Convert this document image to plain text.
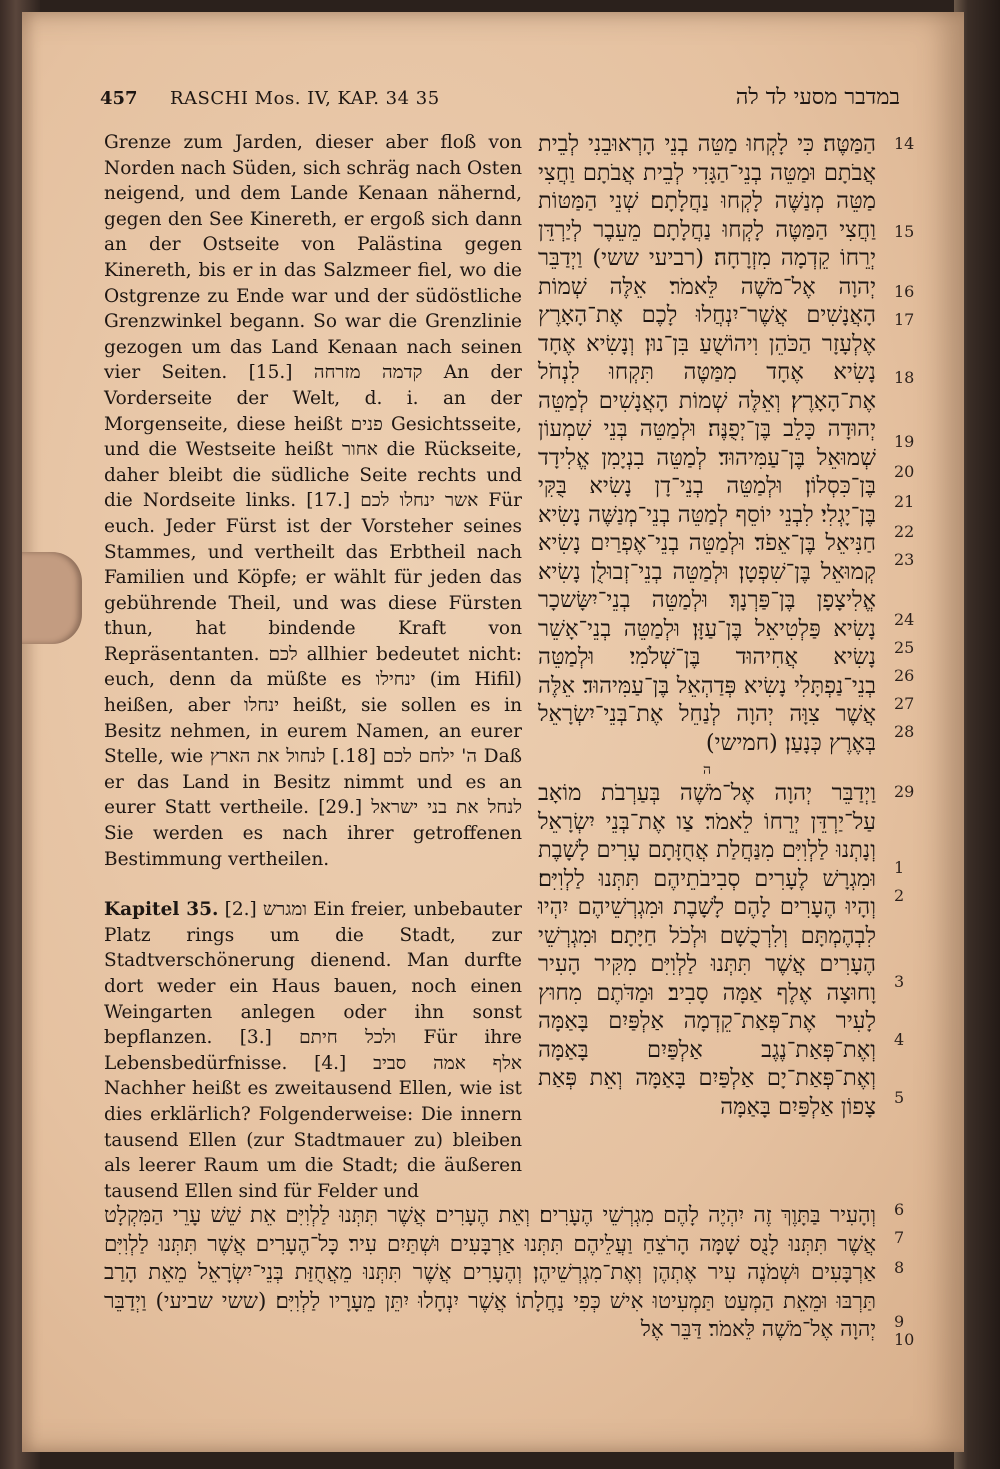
457 RASCHI Mos. IV, KAP. 34 35	במדבר מסעי לד לה

Grenze zum Jarden, dieser aber floß von Norden nach Süden, sich schräg nach Osten neigend, und dem Lande Kenaan nähernd, gegen den See Kinereth, er ergoß sich dann an der Ostseite von Palästina gegen Kinereth, bis er in das Salzmeer fiel, wo die Ostgrenze zu Ende war und der südöstliche Grenzwinkel begann. So war die Grenzlinie gezogen um das Land Kenaan nach seinen vier Seiten. [15.] קדמה מזרחה An der Vorderseite der Welt, d. i. an der Morgenseite, diese heißt פנים Gesichtsseite, und die Westseite heißt אחור die Rückseite, daher bleibt die südliche Seite rechts und die Nordseite links. [17.] אשר ינחלו לכם Für euch. Jeder Fürst ist der Vorsteher seines Stammes, und vertheilt das Erbtheil nach Familien und Köpfe; er wählt für jeden das gebührende Theil, und was diese Fürsten thun, hat bindende Kraft von Repräsentanten. לכם allhier bedeutet nicht: euch, denn da müßte es ינחילו (im Hifil) heißen, aber ינחלו heißt, sie sollen es in Besitz nehmen, in eurem Namen, an eurer Stelle, wie ה' ילחם לכם [18.] לנחול את הארץ Daß er das Land in Besitz nimmt und es an eurer Statt vertheile. [29.] לנחל את בני ישראל Sie werden es nach ihrer getroffenen Bestimmung vertheilen.

Kapitel 35. [2.] ומגרש Ein freier, unbebauter Platz rings um die Stadt, zur Stadtverschönerung dienend. Man durfte dort weder ein Haus bauen, noch einen Weingarten anlegen oder ihn sonst bepflanzen. [3.] ולכל חיתם Für ihre Lebensbedürfnisse. [4.] אלף אמה סביב Nachher heißt es zweitausend Ellen, wie ist dies erklärlich? Folgenderweise: Die innern tausend Ellen (zur Stadtmauer zu) bleiben als leerer Raum um die Stadt; die äußeren tausend Ellen sind für Felder und

הַמַּטֶּה׃ כִּי לָקְחוּ מַטֵּה בְנֵי הָרְאוּבֵנִי לְבֵית אֲבֹתָם וּמַטֵּה בְנֵי־הַגָּדִי לְבֵית אֲבֹתָם וַחֲצִי מַטֵּה מְנַשֶּׁה לָקְחוּ נַחֲלָתָם׃ שְׁנֵי הַמַּטּוֹת וַחֲצִי הַמַּטֶּה לָקְחוּ נַחֲלָתָם מֵעֵבֶר לְיַרְדֵּן יְרֵחוֹ קֵדְמָה מִזְרָחָה׃ (רביעי ששי) וַיְדַבֵּר יְהוָה אֶל־מֹשֶׁה לֵּאמֹר׃ אֵלֶּה שְׁמוֹת הָאֲנָשִׁים אֲשֶׁר־יִנְחֲלוּ לָכֶם אֶת־הָאָרֶץ אֶלְעָזָר הַכֹּהֵן וִיהוֹשֻׁעַ בִּן־נוּן׃ וְנָשִׂיא אֶחָד נָשִׂיא אֶחָד מִמַּטֶּה תִּקְחוּ לִנְחֹל אֶת־הָאָרֶץ׃ וְאֵלֶּה שְׁמוֹת הָאֲנָשִׁים לְמַטֵּה יְהוּדָה כָּלֵב בֶּן־יְפֻנֶּה׃ וּלְמַטֵּה בְּנֵי שִׁמְעוֹן שְׁמוּאֵל בֶּן־עַמִּיהוּד׃ לְמַטֵּה בִנְיָמִן אֱלִידָד בֶּן־כִּסְלוֹן׃ וּלְמַטֵּה בְנֵי־דָן נָשִׂיא בֻּקִּי בֶּן־יָגְלִי׃ לִבְנֵי יוֹסֵף לְמַטֵּה בְנֵי־מְנַשֶּׁה נָשִׂיא חַנִּיאֵל בֶּן־אֵפֹד׃ וּלְמַטֵּה בְנֵי־אֶפְרַיִם נָשִׂיא קְמוּאֵל בֶּן־שִׁפְטָן׃ וּלְמַטֵּה בְנֵי־זְבוּלֻן נָשִׂיא אֱלִיצָפָן בֶּן־פַּרְנָךְ׃ וּלְמַטֵּה בְנֵי־יִשָּׂשכָר נָשִׂיא פַּלְטִיאֵל בֶּן־עַזָּן׃ וּלְמַטֵּה בְנֵי־אָשֵׁר נָשִׂיא אֲחִיהוּד בֶּן־שְׁלֹמִי׃ וּלְמַטֵּה בְנֵי־נַפְתָּלִי נָשִׂיא פְּדַהְאֵל בֶּן־עַמִּיהוּד׃ אֵלֶּה אֲשֶׁר צִוָּה יְהוָה לְנַחֵל אֶת־בְּנֵי־יִשְׂרָאֵל בְּאֶרֶץ כְּנָעַן׃ (חמישי)

ה

וַיְדַבֵּר יְהוָה אֶל־מֹשֶׁה בְּעַרְבֹת מוֹאָב עַל־יַרְדֵּן יְרֵחוֹ לֵאמֹר׃ צַו אֶת־בְּנֵי יִשְׂרָאֵל וְנָתְנוּ לַלְוִיִּם מִנַּחֲלַת אֲחֻזָּתָם עָרִים לָשָׁבֶת וּמִגְרָשׁ לֶעָרִים סְבִיבֹתֵיהֶם תִּתְּנוּ לַלְוִיִּם׃ וְהָיוּ הֶעָרִים לָהֶם לָשָׁבֶת וּמִגְרְשֵׁיהֶם יִהְיוּ לִבְהֶמְתָּם וְלִרְכֻשָׁם וּלְכֹל חַיָּתָם׃ וּמִגְרְשֵׁי הֶעָרִים אֲשֶׁר תִּתְּנוּ לַלְוִיִּם מִקִּיר הָעִיר וָחוּצָה אֶלֶף אַמָּה סָבִיב׃ וּמַדֹּתֶם מִחוּץ לָעִיר אֶת־פְּאַת־קֵדְמָה אַלְפַּיִם בָּאַמָּה וְאֶת־פְּאַת־נֶגֶב אַלְפַּיִם בָּאַמָּה וְאֶת־פְּאַת־יָם אַלְפַּיִם בָּאַמָּה וְאֵת פְּאַת צָפוֹן אַלְפַּיִם בָּאַמָּה

14
15
16
17
18
19
20
21
22
23
24
25
26
27
28
29
1
2
3
4
5
6
7
8
9
10

וְהָעִיר בַּתָּוֶךְ זֶה יִהְיֶה לָהֶם מִגְרְשֵׁי הֶעָרִים׃ וְאֵת הֶעָרִים אֲשֶׁר תִּתְּנוּ לַלְוִיִּם אֵת שֵׁשׁ עָרֵי הַמִּקְלָט אֲשֶׁר תִּתְּנוּ לָנֻס שָׁמָּה הָרֹצֵחַ וַעֲלֵיהֶם תִּתְּנוּ אַרְבָּעִים וּשְׁתַּיִם עִיר׃ כָּל־הֶעָרִים אֲשֶׁר תִּתְּנוּ לַלְוִיִּם אַרְבָּעִים וּשְׁמֹנֶה עִיר אֶתְהֶן וְאֶת־מִגְרְשֵׁיהֶן׃ וְהֶעָרִים אֲשֶׁר תִּתְּנוּ מֵאֲחֻזַּת בְּנֵי־יִשְׂרָאֵל מֵאֵת הָרַב תַּרְבּוּ וּמֵאֵת הַמְעַט תַּמְעִיטוּ אִישׁ כְּפִי נַחֲלָתוֹ אֲשֶׁר יִנְחָלוּ יִתֵּן מֵעָרָיו לַלְוִיִּם׃ (ששי שביעי) וַיְדַבֵּר יְהוָה אֶל־מֹשֶׁה לֵּאמֹר׃ דַּבֵּר אֶל
